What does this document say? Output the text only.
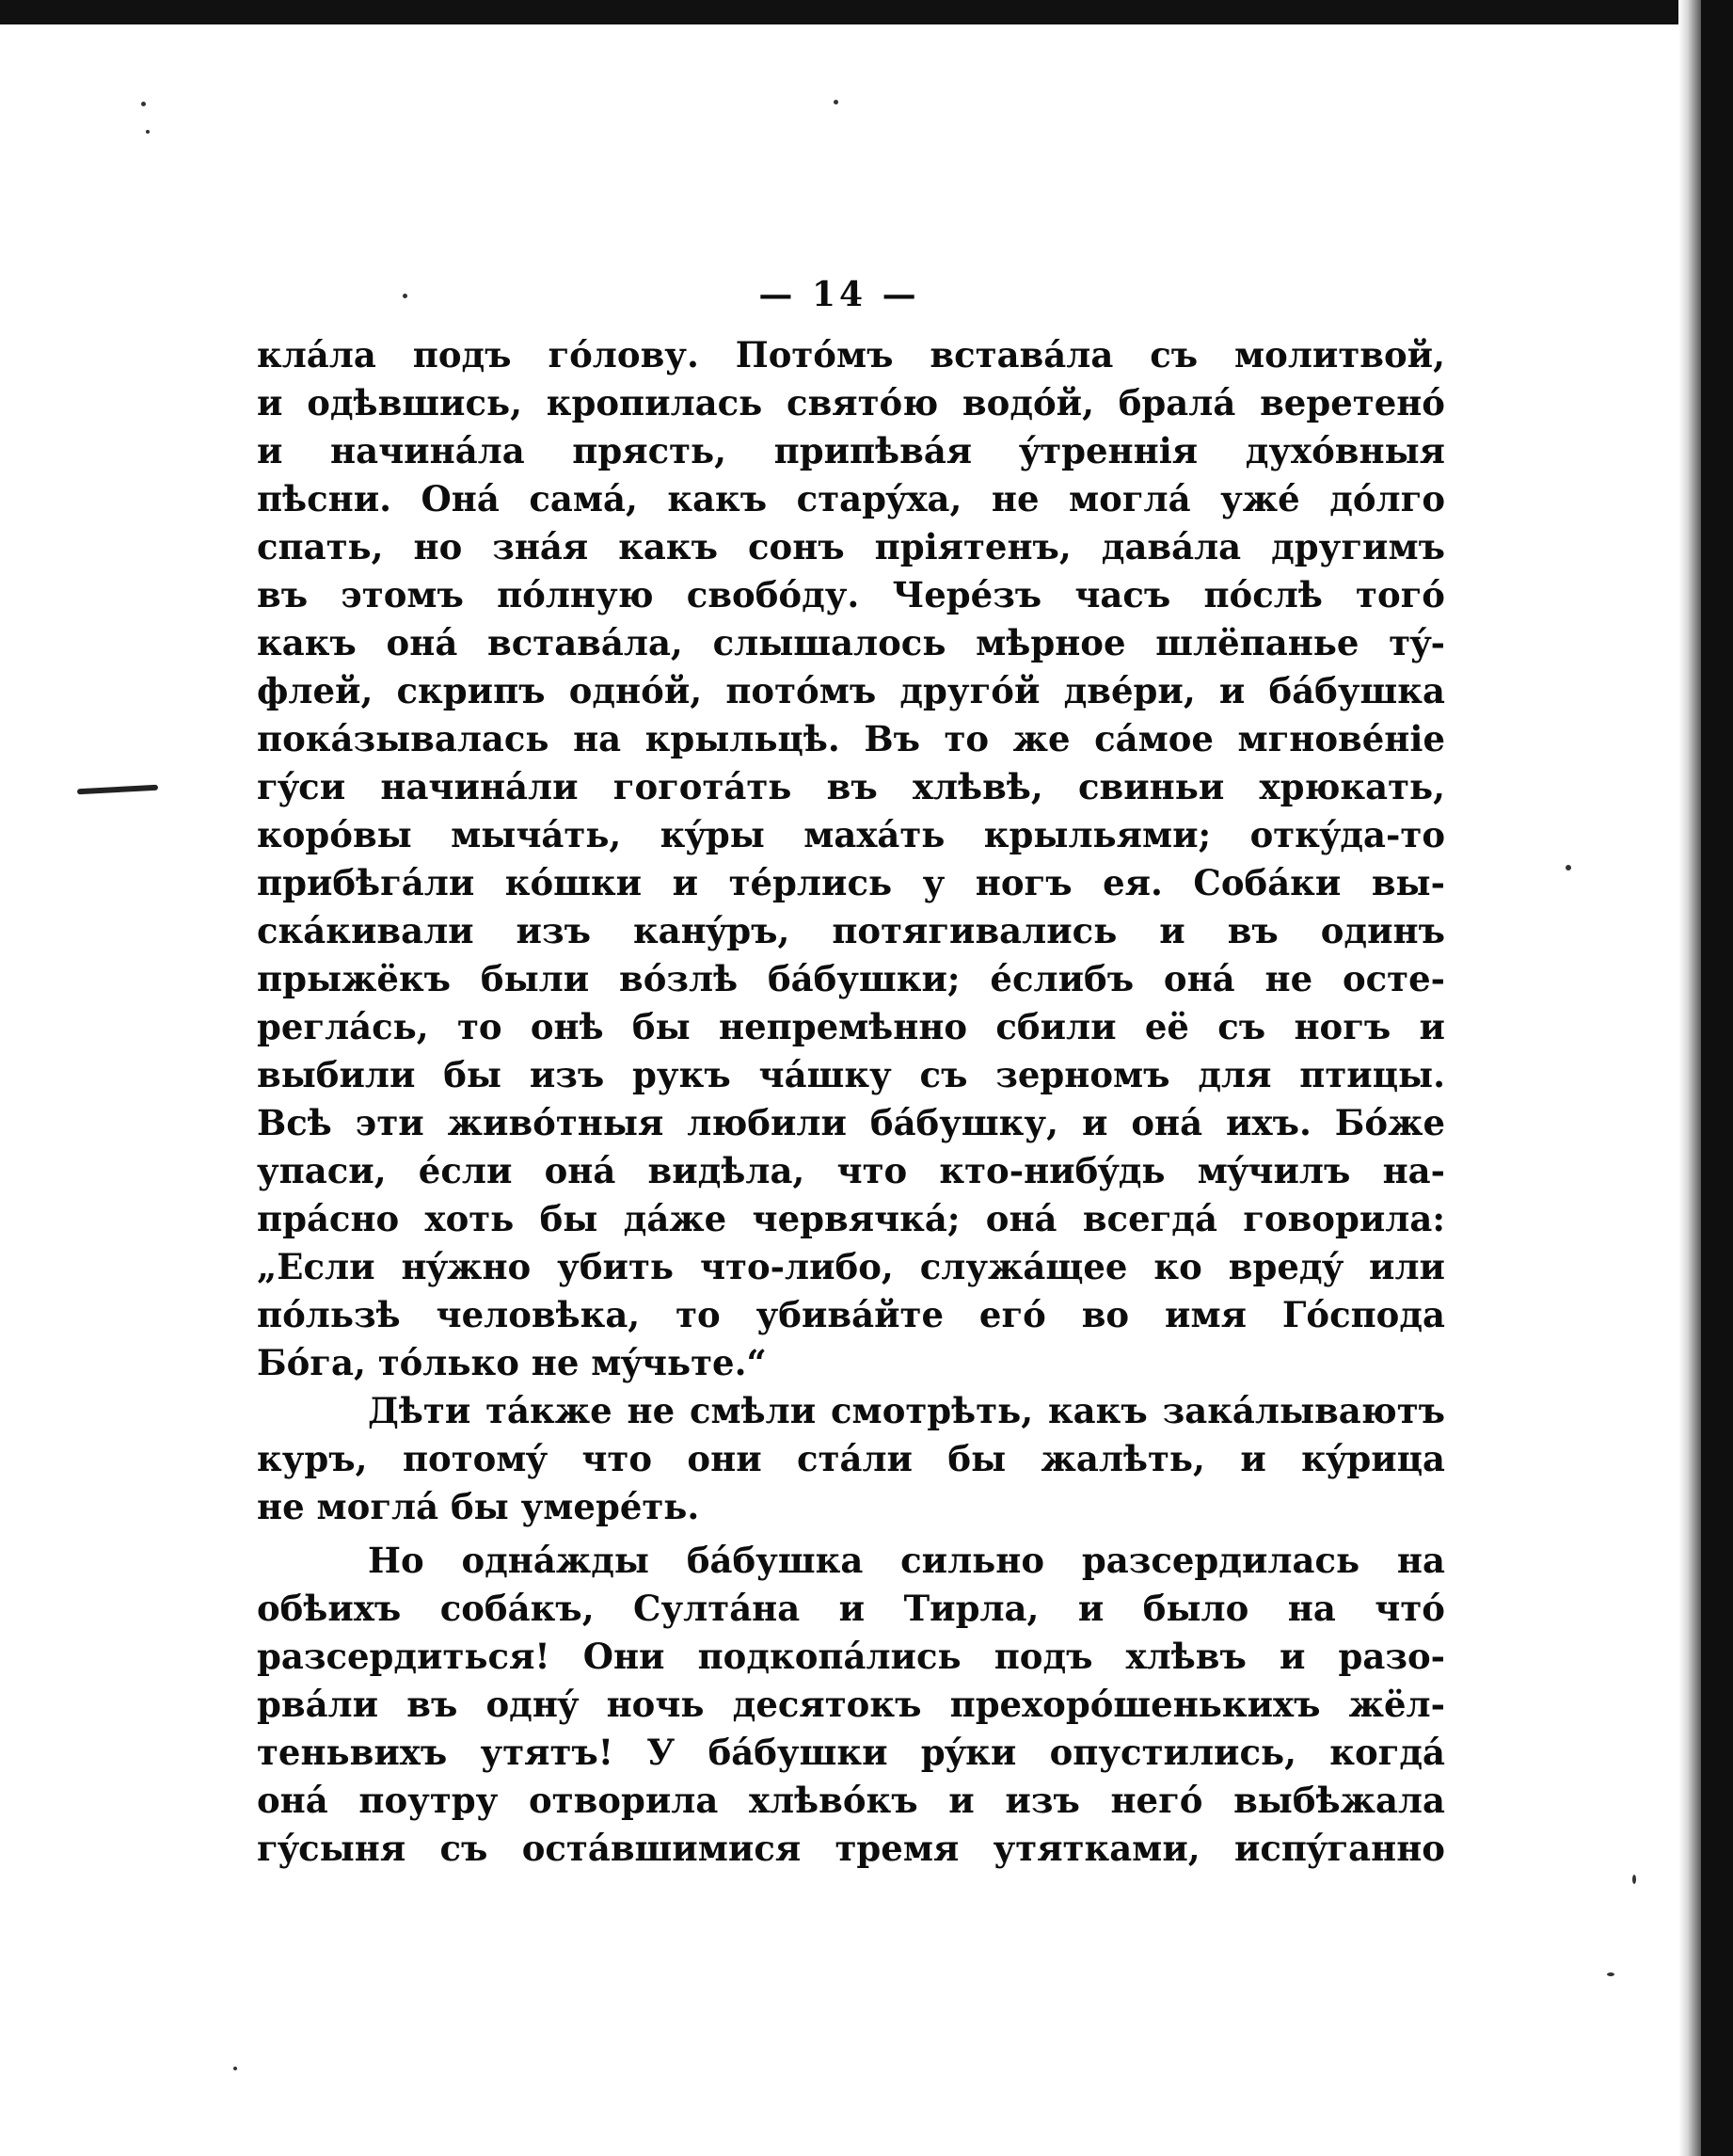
— 14 —
клáла подъ гóлову. Потóмъ вставáла съ молитвой,
и одѣвшись, кропилась святóю водóй, бралá веретенó
и начинáла прясть, припѣвáя ýтреннія духóвныя
пѣсни. Онá самá, какъ старýха, не моглá ужé дóлго
спать, но знáя какъ сонъ пріятенъ, давáла другимъ
въ этомъ пóлную свобóду. Черéзъ часъ пóслѣ тогó
какъ онá вставáла, слышалось мѣрное шлёпанье тý-
флей, скрипъ однóй, потóмъ другóй двéри, и бáбушка
покáзывалась на крыльцѣ. Въ то же сáмое мгновéніе
гýси начинáли гоготáть въ хлѣвѣ, свиньи хрюкать,
корóвы мычáть, кýры махáть крыльями; откýда-то
прибѣгáли кóшки и тéрлись у ногъ ея. Собáки вы-
скáкивали изъ канýръ, потягивались и въ одинъ
прыжёкъ были вóзлѣ бáбушки; éслибъ онá не осте-
реглáсь, то онѣ бы непремѣнно сбили её съ ногъ и
выбили бы изъ рукъ чáшку съ зерномъ для птицы.
Всѣ эти живóтныя любили бáбушку, и онá ихъ. Бóже
упаси, éсли онá видѣла, что кто-нибýдь мýчилъ на-
прáсно хоть бы дáже червячкá; онá всегдá говорила:
„Если нýжно убить что-либо, служáщее ко вредý или
пóльзѣ человѣка, то убивáйте егó во имя Гóспода
Бóга, тóлько не мýчьте.“
Дѣти тáкже не смѣли смотрѣть, какъ закáлываютъ
куръ, потомý что они стáли бы жалѣть, и кýрица
не моглá бы умерéть.
Но однáжды бáбушка сильно разсердилась на
обѣихъ собáкъ, Султáна и Тирла, и было на чтó
разсердиться! Они подкопáлись подъ хлѣвъ и разо-
рвáли въ однý ночь десятокъ прехорóшенькихъ жёл-
теньвихъ утятъ! У бáбушки рýки опустились, когдá
онá поутру отворила хлѣвóкъ и изъ негó выбѣжала
гýсыня съ остáвшимися тремя утятками, испýганно
